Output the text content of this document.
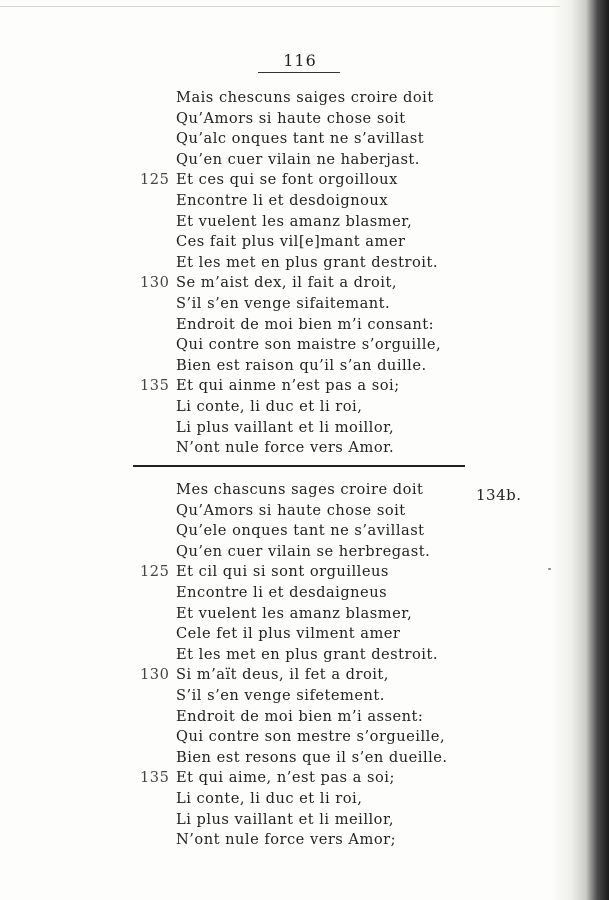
116
Mais chescuns saiges croire doit
Qu’Amors si haute chose soit
Qu’alc onques tant ne s’avillast
Qu’en cuer vilain ne haberjast.
125 Et ces qui se font orgoilloux
Encontre li et desdoignoux
Et vuelent les amanz blasmer,
Ces fait plus vil[e]mant amer
Et les met en plus grant destroit.
130 Se m’aist dex, il fait a droit,
S’il s’en venge sifaitemant.
Endroit de moi bien m’i consant:
Qui contre son maistre s’orguille,
Bien est raison qu’il s’an duille.
135 Et qui ainme n’est pas a soi;
Li conte, li duc et li roi,
Li plus vaillant et li moillor,
N’ont nule force vers Amor.
134b.
Mes chascuns sages croire doit
Qu’Amors si haute chose soit
Qu’ele onques tant ne s’avillast
Qu’en cuer vilain se herbregast.
125 Et cil qui si sont orguilleus
Encontre li et desdaigneus
Et vuelent les amanz blasmer,
Cele fet il plus vilment amer
Et les met en plus grant destroit.
130 Si m’aït deus, il fet a droit,
S’il s’en venge sifetement.
Endroit de moi bien m’i assent:
Qui contre son mestre s’orgueille,
Bien est resons que il s’en dueille.
135 Et qui aime, n’est pas a soi;
Li conte, li duc et li roi,
Li plus vaillant et li meillor,
N’ont nule force vers Amor;
